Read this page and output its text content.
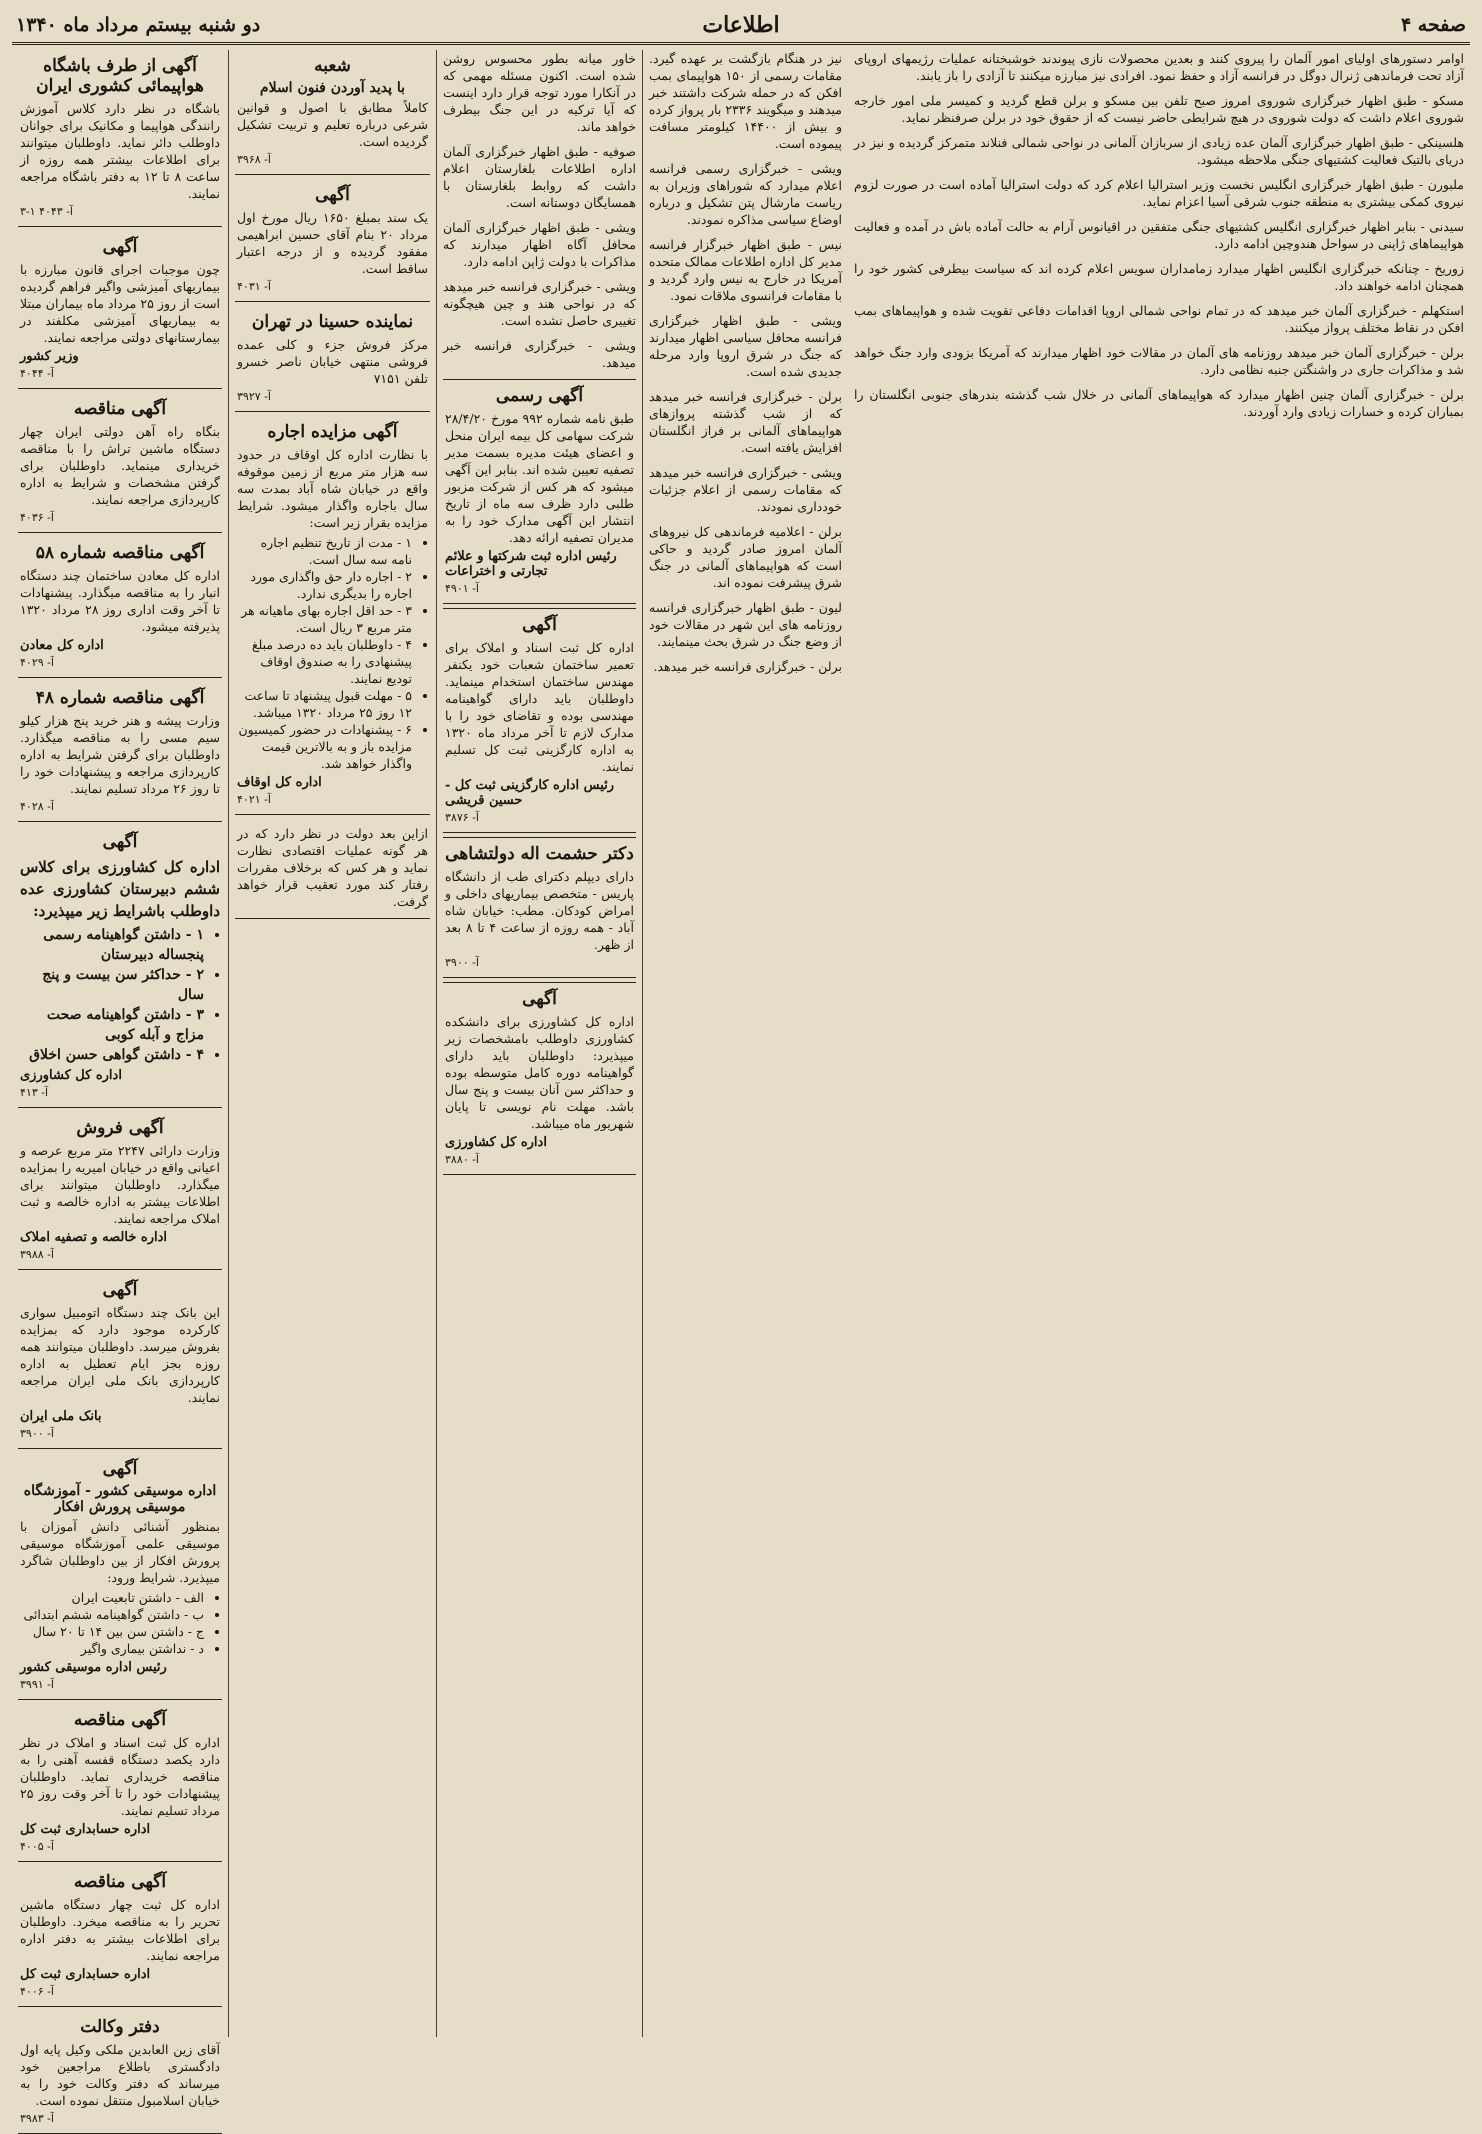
صفحه ۴
اطلاعات
دو شنبه بیستم مرداد ماه ۱۳۴۰

اوامر دستورهای اولیای امور آلمان را پیروی کنند و بعدین محصولات نازی پیوندند خوشبختانه عملیات رژیمهای اروپای آزاد تحت فرماندهی ژنرال دوگل در فرانسه آزاد و حفظ نمود. افرادی نیز مبارزه میکنند تا آزادی را باز یابند.

مسکو - طبق اظهار خبرگزاری شوروی امروز صبح تلفن بین مسکو و برلن قطع گردید و کمیسر ملی امور خارجه شوروی اعلام داشت که دولت شوروی در هیچ شرایطی حاضر نیست که از حقوق خود در برلن صرفنظر نماید.

هلسینکی - طبق اظهار خبرگزاری آلمان عده زیادی از سربازان آلمانی در نواحی شمالی فنلاند متمرکز گردیده و نیز در دریای بالتیک فعالیت کشتیهای جنگی ملاحظه میشود.

ملبورن - طبق اظهار خبرگزاری انگلیس نخست وزیر استرالیا اعلام کرد که دولت استرالیا آماده است در صورت لزوم نیروی کمکی بیشتری به منطقه جنوب شرقی آسیا اعزام نماید.

سیدنی - بنابر اظهار خبرگزاری انگلیس کشتیهای جنگی متفقین در اقیانوس آرام به حالت آماده باش در آمده و فعالیت هواپیماهای ژاپنی در سواحل هندوچین ادامه دارد.

زوریخ - چنانکه خبرگزاری انگلیس اظهار میدارد زمامداران سویس اعلام کرده اند که سیاست بیطرفی کشور خود را همچنان ادامه خواهند داد.

استکهلم - خبرگزاری آلمان خبر میدهد که در تمام نواحی شمالی اروپا اقدامات دفاعی تقویت شده و هواپیماهای بمب افکن در نقاط مختلف پرواز میکنند.

برلن - خبرگزاری آلمان خبر میدهد روزنامه های آلمان در مقالات خود اظهار میدارند که آمریکا بزودی وارد جنگ خواهد شد و مذاکرات جاری در واشنگتن جنبه نظامی دارد.

برلن - خبرگزاری آلمان چنین اظهار میدارد که هواپیماهای آلمانی در خلال شب گذشته بندرهای جنوبی انگلستان را بمباران کرده و خسارات زیادی وارد آوردند.

نیز در هنگام بازگشت بر عهده گیرد. مقامات رسمی از ۱۵۰ هواپیمای بمب افکن که در حمله شرکت داشتند خبر میدهند و میگویند ۲۳۳۶ بار پرواز کرده و بیش از ۱۴۴۰۰ کیلومتر مسافت پیموده است.

ویشی - خبرگزاری رسمی فرانسه اعلام میدارد که شوراهای وزیران به ریاست مارشال پتن تشکیل و درباره اوضاع سیاسی مذاکره نمودند.

نیس - طبق اظهار خبرگزار فرانسه مدیر کل اداره اطلاعات ممالک متحده آمریکا در خارج به نیس وارد گردید و با مقامات فرانسوی ملاقات نمود.

ویشی - طبق اظهار خبرگزاری فرانسه محافل سیاسی اظهار میدارند که جنگ در شرق اروپا وارد مرحله جدیدی شده است.

برلن - خبرگزاری فرانسه خبر میدهد که از شب گذشته پروازهای هواپیماهای آلمانی بر فراز انگلستان افزایش یافته است.

ویشی - خبرگزاری فرانسه خبر میدهد که مقامات رسمی از اعلام جزئیات خودداری نمودند.

برلن - اعلامیه فرماندهی کل نیروهای آلمان امروز صادر گردید و حاکی است که هواپیماهای آلمانی در جنگ شرق پیشرفت نموده اند.

لیون - طبق اظهار خبرگزاری فرانسه روزنامه های این شهر در مقالات خود از وضع جنگ در شرق بحث مینمایند.

برلن - خبرگزاری فرانسه خبر میدهد.

خاور میانه بطور محسوس روشن شده است. اکنون مسئله مهمی که در آنکارا مورد توجه قرار دارد اینست که آیا ترکیه در این جنگ بیطرف خواهد ماند.

صوفیه - طبق اظهار خبرگزاری آلمان اداره اطلاعات بلغارستان اعلام داشت که روابط بلغارستان با همسایگان دوستانه است.

ویشی - طبق اظهار خبرگزاری آلمان محافل آگاه اظهار میدارند که مذاکرات با دولت ژاپن ادامه دارد.

ویشی - خبرگزاری فرانسه خبر میدهد که در نواحی هند و چین هیچگونه تغییری حاصل نشده است.

ویشی - خبرگزاری فرانسه خبر میدهد.

آگهی رسمی
طبق نامه شماره ۹۹۲ مورخ ۲۸/۴/۲۰ شرکت سهامی کل بیمه ایران منحل و اعضای هیئت مدیره بسمت مدیر تصفیه تعیین شده اند. بنابر این آگهی میشود که هر کس از شرکت مزبور طلبی دارد ظرف سه ماه از تاریخ انتشار این آگهی مدارک خود را به مدیران تصفیه ارائه دهد.
رئیس اداره ثبت شرکتها و علائم تجارتی و اختراعات
آ- ۴۹۰۱
آگهی
اداره کل ثبت اسناد و املاک برای تعمیر ساختمان شعبات خود یکنفر مهندس ساختمان استخدام مینماید. داوطلبان باید دارای گواهینامه مهندسی بوده و تقاضای خود را با مدارک لازم تا آخر مرداد ماه ۱۳۲۰ به اداره کارگزینی ثبت کل تسلیم نمایند.
رئیس اداره کارگزینی ثبت کل - حسین قریشی
آ- ۳۸۷۶
دکتر حشمت اله دولتشاهی
دارای دیپلم دکترای طب از دانشگاه پاریس - متخصص بیماریهای داخلی و امراض کودکان. مطب: خیابان شاه آباد - همه روزه از ساعت ۴ تا ۸ بعد از ظهر.
آ- ۳۹۰۰
آگهی
اداره کل کشاورزی برای دانشکده کشاورزی داوطلب بامشخصات زیر میپذیرد: داوطلبان باید دارای گواهینامه دوره کامل متوسطه بوده و حداکثر سن آنان بیست و پنج سال باشد. مهلت نام نویسی تا پایان شهریور ماه میباشد.
اداره کل کشاورزی
آ- ۳۸۸۰
شعبه
با پدید آوردن فنون اسلام
کاملاً مطابق با اصول و قوانین شرعی درباره تعلیم و تربیت تشکیل گردیده است.
آ- ۳۹۶۸
آگهی
یک سند بمبلغ ۱۶۵۰ ریال مورخ اول مرداد ۲۰ بنام آقای حسین ابراهیمی مفقود گردیده و از درجه اعتبار ساقط است.
آ- ۴۰۳۱
نماینده حسینا در تهران
مرکز فروش جزء و کلی عمده فروشی منتهی خیابان ناصر خسرو تلفن ۷۱۵۱
آ- ۳۹۲۷
آگهی مزایده اجاره
با نظارت اداره کل اوقاف در حدود سه هزار متر مربع از زمین موقوفه واقع در خیابان شاه آباد بمدت سه سال باجاره واگذار میشود. شرایط مزایده بقرار زیر است:
• ۱ - مدت از تاریخ تنظیم اجاره نامه سه سال است.
• ۲ - اجاره دار حق واگذاری مورد اجاره را بدیگری ندارد.
• ۳ - حد اقل اجاره بهای ماهیانه هر متر مربع ۳ ریال است.
• ۴ - داوطلبان باید ده درصد مبلغ پیشنهادی را به صندوق اوقاف تودیع نمایند.
• ۵ - مهلت قبول پیشنهاد تا ساعت ۱۲ روز ۲۵ مرداد ۱۳۲۰ میباشد.
• ۶ - پیشنهادات در حضور کمیسیون مزایده باز و به بالاترین قیمت واگذار خواهد شد.
اداره کل اوقاف
آ- ۴۰۲۱
ازاین بعد دولت در نظر دارد که در هر گونه عملیات اقتصادی نظارت نماید و هر کس که برخلاف مقررات رفتار کند مورد تعقیب قرار خواهد گرفت.
آگهی از طرف باشگاه هواپیمائی کشوری ایران
باشگاه در نظر دارد کلاس آموزش رانندگی هواپیما و مکانیک برای جوانان داوطلب دائر نماید. داوطلبان میتوانند برای اطلاعات بیشتر همه روزه از ساعت ۸ تا ۱۲ به دفتر باشگاه مراجعه نمایند.
آ- ۴۰۴۳ ۱-۳
آگهی
چون موجبات اجرای قانون مبارزه با بیماریهای آمیزشی واگیر فراهم گردیده است از روز ۲۵ مرداد ماه بیماران مبتلا به بیماریهای آمیزشی مکلفند در بیمارستانهای دولتی مراجعه نمایند.
وزیر کشور
آ- ۴۰۴۴
آگهی مناقصه
بنگاه راه آهن دولتی ایران چهار دستگاه ماشین تراش را با مناقصه خریداری مینماید. داوطلبان برای گرفتن مشخصات و شرایط به اداره کارپردازی مراجعه نمایند.
آ- ۴۰۳۶
آگهی مناقصه شماره ۵۸
اداره کل معادن ساختمان چند دستگاه انبار را به مناقصه میگذارد. پیشنهادات تا آخر وقت اداری روز ۲۸ مرداد ۱۳۲۰ پذیرفته میشود.
اداره کل معادن
آ- ۴۰۲۹
آگهی مناقصه شماره ۴۸
وزارت پیشه و هنر خرید پنج هزار کیلو سیم مسی را به مناقصه میگذارد. داوطلبان برای گرفتن شرایط به اداره کارپردازی مراجعه و پیشنهادات خود را تا روز ۲۶ مرداد تسلیم نمایند.
آ- ۴۰۲۸
آگهی
اداره کل کشاورزی برای کلاس ششم دبیرستان کشاورزی عده داوطلب باشرایط زیر میپذیرد:
• ۱ - داشتن گواهینامه رسمی پنجساله دبیرستان
• ۲ - حداکثر سن بیست و پنج سال
• ۳ - داشتن گواهینامه صحت مزاج و آبله کوبی
• ۴ - داشتن گواهی حسن اخلاق
اداره کل کشاورزی
آ- ۴۱۳
آگهی فروش
وزارت دارائی ۲۲۴۷ متر مربع عرصه و اعیانی واقع در خیابان امیریه را بمزایده میگذارد. داوطلبان میتوانند برای اطلاعات بیشتر به اداره خالصه و ثبت املاک مراجعه نمایند.
اداره خالصه و تصفیه املاک
آ- ۳۹۸۸
آگهی
این بانک چند دستگاه اتومبیل سواری کارکرده موجود دارد که بمزایده بفروش میرسد. داوطلبان میتوانند همه روزه بجز ایام تعطیل به اداره کارپردازی بانک ملی ایران مراجعه نمایند.
بانک ملی ایران
آ- ۳۹۰۰
آگهی
اداره موسیقی کشور - آموزشگاه موسیقی پرورش افکار
بمنظور آشنائی دانش آموزان با موسیقی علمی آموزشگاه موسیقی پرورش افکار از بین داوطلبان شاگرد میپذیرد. شرایط ورود:
• الف - داشتن تابعیت ایران
• ب - داشتن گواهینامه ششم ابتدائی
• ج - داشتن سن بین ۱۴ تا ۲۰ سال
• د - نداشتن بیماری واگیر
رئیس اداره موسیقی کشور
آ- ۳۹۹۱
آگهی مناقصه
اداره کل ثبت اسناد و املاک در نظر دارد یکصد دستگاه قفسه آهنی را به مناقصه خریداری نماید. داوطلبان پیشنهادات خود را تا آخر وقت روز ۲۵ مرداد تسلیم نمایند.
اداره حسابداری ثبت کل
آ- ۴۰۰۵
آگهی مناقصه
اداره کل ثبت چهار دستگاه ماشین تحریر را به مناقصه میخرد. داوطلبان برای اطلاعات بیشتر به دفتر اداره مراجعه نمایند.
اداره حسابداری ثبت کل
آ- ۴۰۰۶
دفتر وکالت
آقای زین العابدین ملکی وکیل پایه اول دادگستری باطلاع مراجعین خود میرساند که دفتر وکالت خود را به خیابان اسلامبول منتقل نموده است.
آ- ۳۹۸۳
